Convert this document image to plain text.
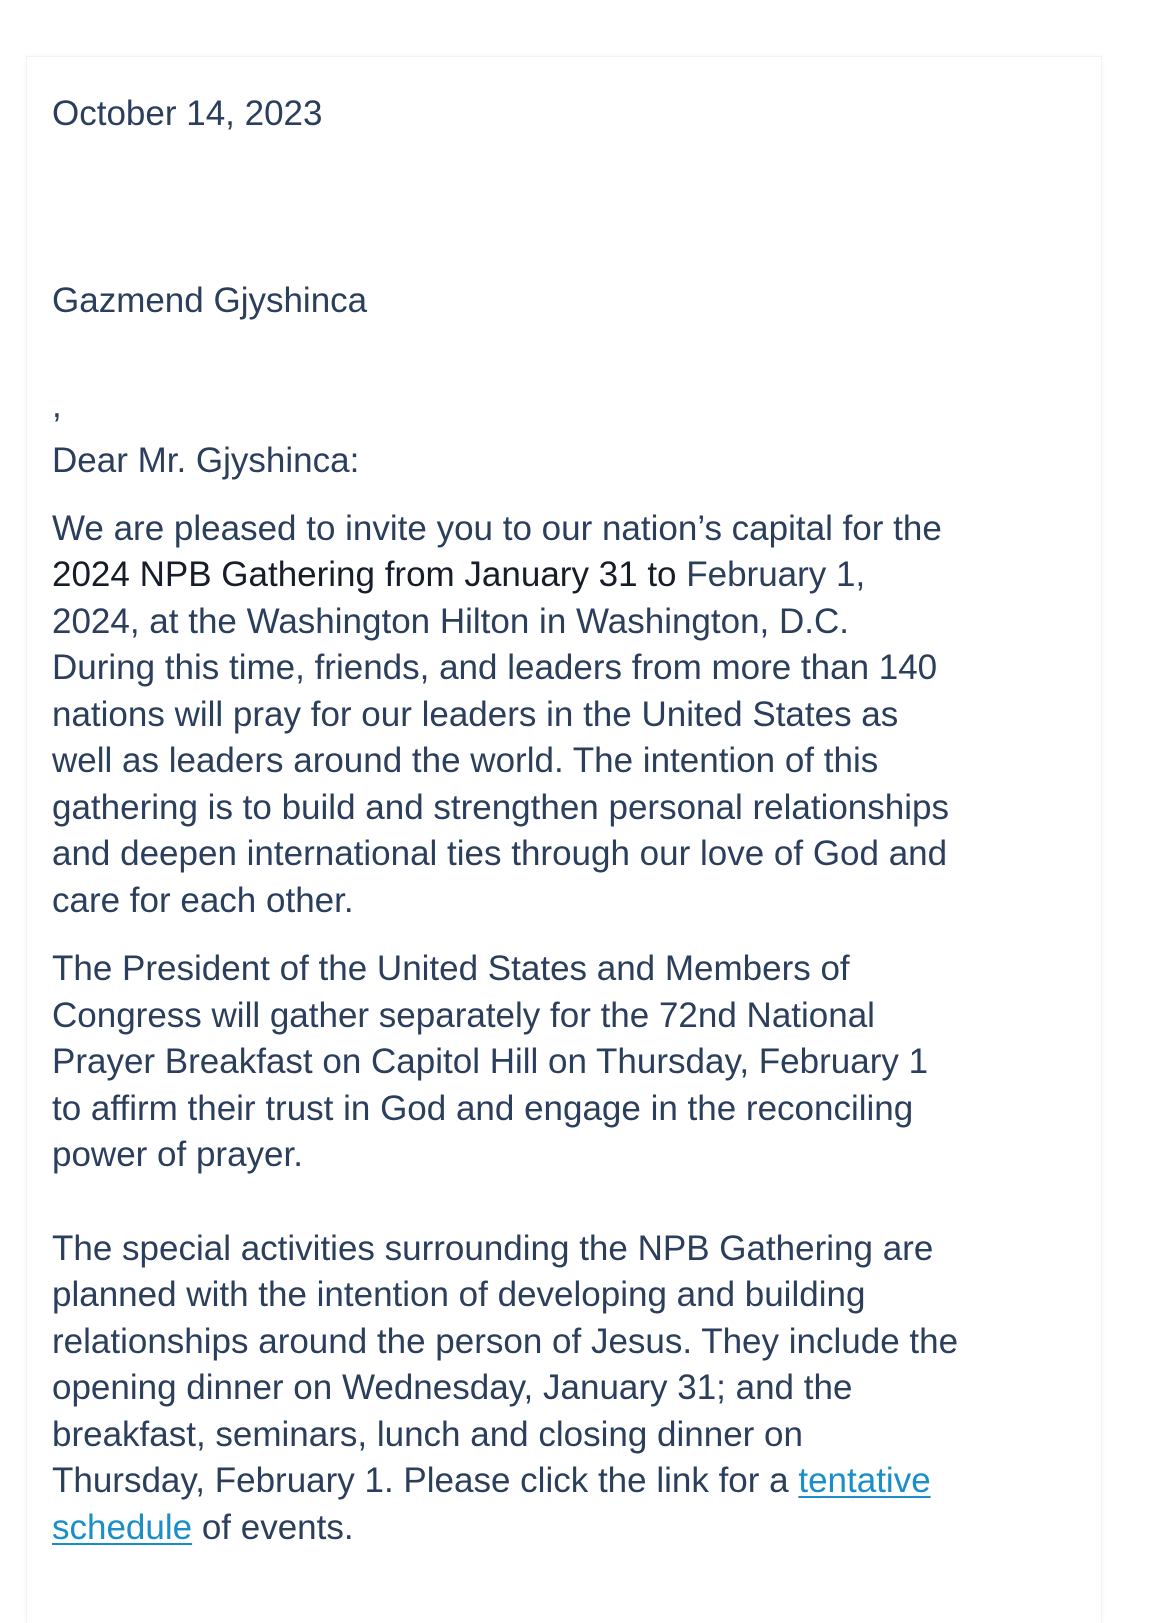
October 14, 2023

Gazmend Gjyshinca

,

Dear Mr. Gjyshinca:

We are pleased to invite you to our nation’s capital for the

2024 NPB Gathering from January 31 to February 1,

2024, at the Washington Hilton in Washington, D.C.

During this time, friends, and leaders from more than 140

nations will pray for our leaders in the United States as

well as leaders around the world. The intention of this

gathering is to build and strengthen personal relationships

and deepen international ties through our love of God and

care for each other.

The President of the United States and Members of

Congress will gather separately for the 72nd National

Prayer Breakfast on Capitol Hill on Thursday, February 1

to affirm their trust in God and engage in the reconciling

power of prayer.

The special activities surrounding the NPB Gathering are

planned with the intention of developing and building

relationships around the person of Jesus. They include the

opening dinner on Wednesday, January 31; and the

breakfast, seminars, lunch and closing dinner on

Thursday, February 1. Please click the link for a tentative

schedule of events.
